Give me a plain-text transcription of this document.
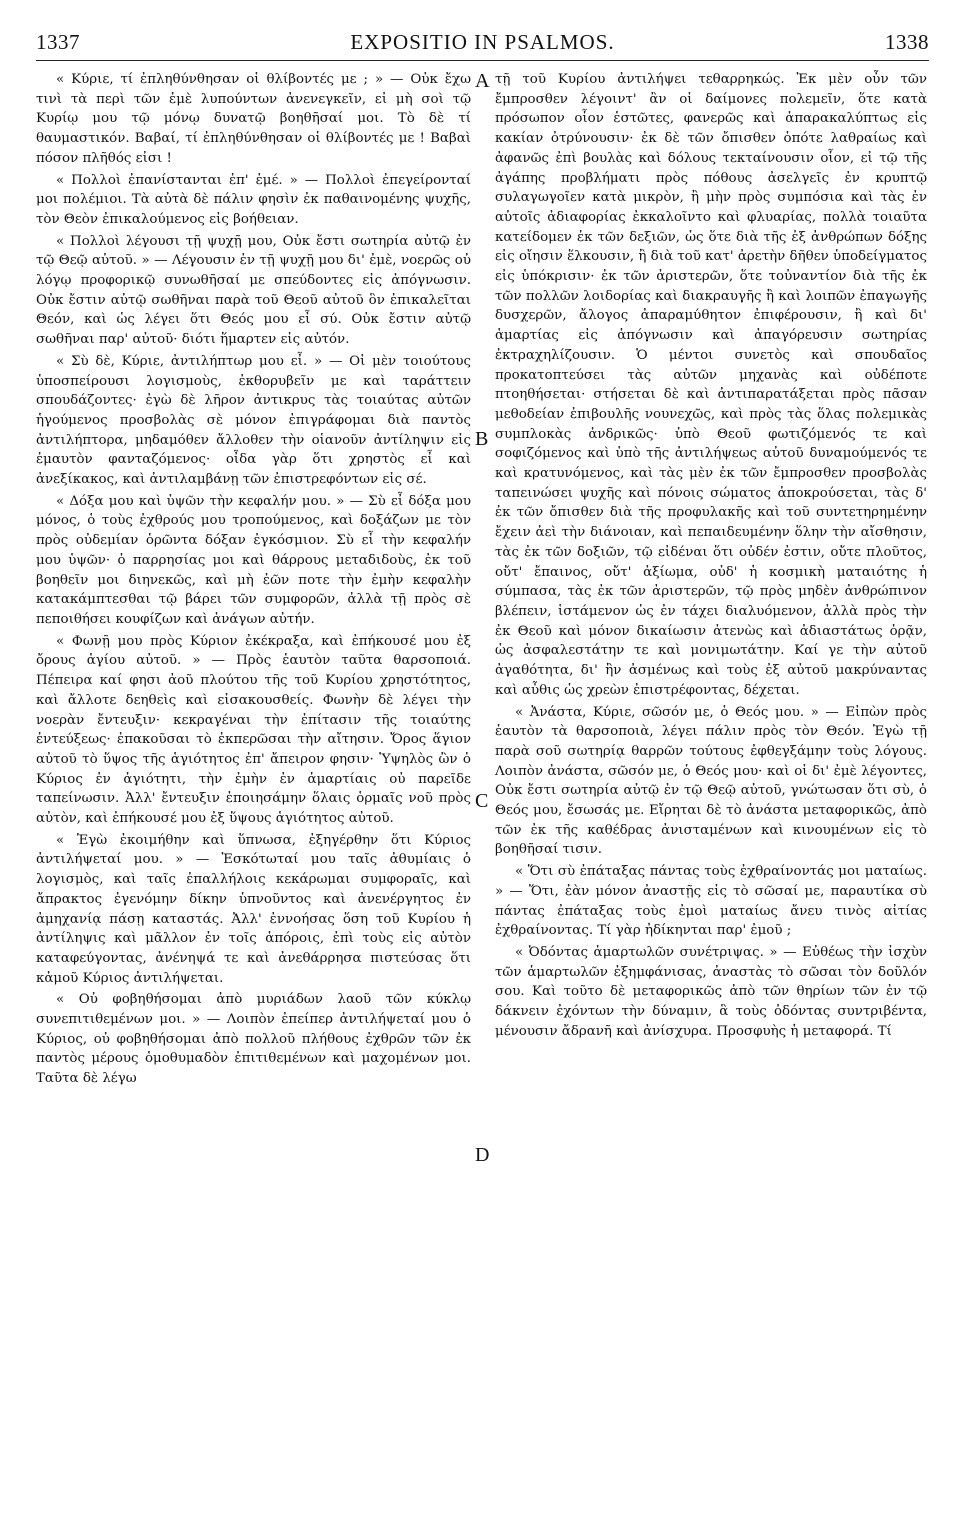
1337	EXPOSITIO IN PSALMOS.	1338

« Κύριε, τί ἐπληθύνθησαν οἱ θλίβοντές με ; » — Οὐκ ἔχω τινὶ τὰ περὶ τῶν ἐμὲ λυπούντων ἀνενεγκεῖν, εἰ μὴ σοὶ τῷ Κυρίῳ μου τῷ μόνῳ δυνατῷ βοηθῆσαί μοι. Τὸ δὲ τί θαυμαστικόν. Βαβαί, τί ἐπληθύνθησαν οἱ θλίβοντές με ! Βαβαὶ πόσον πλῆθός εἰσι !

« Πολλοὶ ἐπανίστανται ἐπ' ἐμέ. » — Πολλοὶ ἐπεγείρονταί μοι πολέμιοι. Τὰ αὐτὰ δὲ πάλιν φησὶν ἐκ παθαινομένης ψυχῆς, τὸν Θεὸν ἐπικαλούμενος εἰς βοήθειαν.

« Πολλοὶ λέγουσι τῇ ψυχῇ μου, Οὐκ ἔστι σωτηρία αὐτῷ ἐν τῷ Θεῷ αὐτοῦ. » — Λέγουσιν ἐν τῇ ψυχῇ μου δι' ἐμὲ, νοερῶς οὐ λόγῳ προφορικῷ συνωθῆσαί με σπεύδοντες εἰς ἀπόγνωσιν. Οὐκ ἔστιν αὐτῷ σωθῆναι παρὰ τοῦ Θεοῦ αὐτοῦ ὃν ἐπικαλεῖται Θεόν, καὶ ὡς λέγει ὅτι Θεός μου εἶ σύ. Οὐκ ἔστιν αὐτῷ σωθῆναι παρ' αὐτοῦ· διότι ἥμαρτεν εἰς αὐτόν.

« Σὺ δὲ, Κύριε, ἀντιλήπτωρ μου εἶ. » — Οἱ μὲν τοιούτους ὑποσπείρουσι λογισμοὺς, ἐκθορυβεῖν με καὶ ταράττειν σπουδάζοντες· ἐγὼ δὲ λῆρον ἀντικρυς τὰς τοιαύτας αὐτῶν ἡγούμενος προσβολὰς σὲ μόνον ἐπιγράφομαι διὰ παντὸς ἀντιλήπτορα, μηδαμόθεν ἄλλοθεν τὴν οἱανοῦν ἀντίληψιν εἰς ἐμαυτὸν φανταζόμενος· οἶδα γὰρ ὅτι χρηστὸς εἶ καὶ ἀνεξίκακος, καὶ ἀντιλαμβάνῃ τῶν ἐπιστρεφόντων εἰς σέ.

« Δόξα μου καὶ ὑψῶν τὴν κεφαλήν μου. » — Σὺ εἶ δόξα μου μόνος, ὁ τοὺς ἐχθρούς μου τροπούμενος, καὶ δοξάζων με τὸν πρὸς οὐδεμίαν ὁρῶντα δόξαν ἐγκόσμιον. Σὺ εἶ τὴν κεφαλήν μου ὑψῶν· ὁ παρρησίας μοι καὶ θάρρους μεταδιδοὺς, ἐκ τοῦ βοηθεῖν μοι διηνεκῶς, καὶ μὴ ἐῶν ποτε τὴν ἐμὴν κεφαλὴν κατακάμπτεσθαι τῷ βάρει τῶν συμφορῶν, ἀλλὰ τῇ πρὸς σὲ πεποιθήσει κουφίζων καὶ ἀνάγων αὐτήν.

« Φωνῇ μου πρὸς Κύριον ἐκέκραξα, καὶ ἐπήκουσέ μου ἐξ ὄρους ἁγίου αὐτοῦ. » — Πρὸς ἑαυτὸν ταῦτα θαρσοποιά. Πέπειρα καί φησι ἀοῦ πλούτου τῆς τοῦ Κυρίου χρηστότητος, καὶ ἄλλοτε δεηθεὶς καὶ εἰσακουσθείς. Φωνὴν δὲ λέγει τὴν νοερὰν ἔντευξιν· κεκραγέναι τὴν ἐπίτασιν τῆς τοιαύτης ἐντεύξεως· ἐπακοῦσαι τὸ ἐκπερῶσαι τὴν αἴτησιν. Ὄρος ἅγιον αὐτοῦ τὸ ὕψος τῆς ἁγιότητος ἐπ' ἄπειρον φησιν· Ὑψηλὸς ὢν ὁ Κύριος ἐν ἁγιότητι, τὴν ἐμὴν ἐν ἁμαρτίαις οὐ παρεῖδε ταπείνωσιν. Ἀλλ' ἔντευξιν ἐποιησάμην ὅλαις ὁρμαῖς νοῦ πρὸς αὐτὸν, καὶ ἐπήκουσέ μου ἐξ ὕψους ἁγιότητος αὐτοῦ.

« Ἐγὼ ἐκοιμήθην καὶ ὕπνωσα, ἐξηγέρθην ὅτι Κύριος ἀντιλήψεταί μου. » — Ἐσκότωταί μου ταῖς ἀθυμίαις ὁ λογισμὸς, καὶ ταῖς ἐπαλλήλοις κεκάρωμαι συμφοραῖς, καὶ ἄπρακτος ἐγενόμην δίκην ὑπνοῦντος καὶ ἀνενέργητος ἐν ἀμηχανίᾳ πάσῃ καταστάς. Ἀλλ' ἐννοήσας ὅση τοῦ Κυρίου ἡ ἀντίληψις καὶ μᾶλλον ἐν τοῖς ἀπόροις, ἐπὶ τοὺς εἰς αὐτὸν καταφεύγοντας, ἀνένηψά τε καὶ ἀνεθάρρησα πιστεύσας ὅτι κἀμοῦ Κύριος ἀντιλήψεται.

« Οὐ φοβηθήσομαι ἀπὸ μυριάδων λαοῦ τῶν κύκλῳ συνεπιτιθεμένων μοι. » — Λοιπὸν ἐπείπερ ἀντιλήψεταί μου ὁ Κύριος, οὐ φοβηθήσομαι ἀπὸ πολλοῦ πλήθους ἐχθρῶν τῶν ἐκ παντὸς μέρους ὁμοθυμαδὸν ἐπιτιθεμένων καὶ μαχομένων μοι. Ταῦτα δὲ λέγω

τῇ τοῦ Κυρίου ἀντιλήψει τεθαρρηκώς. Ἐκ μὲν οὖν τῶν ἔμπροσθεν λέγοιντ' ἂν οἱ δαίμονες πολεμεῖν, ὅτε κατὰ πρόσωπον οἷον ἑστῶτες, φανερῶς καὶ ἀπαρακαλύπτως εἰς κακίαν ὀτρύνουσιν· ἐκ δὲ τῶν ὄπισθεν ὁπότε λαθραίως καὶ ἀφανῶς ἐπὶ βουλὰς καὶ δόλους τεκταίνουσιν οἷον, εἰ τῷ τῆς ἀγάπης προβλήματι πρὸς πόθους ἀσελγεῖς ἐν κρυπτῷ συλαγωγοῖεν κατὰ μικρὸν, ἢ μὴν πρὸς συμπόσια καὶ τὰς ἐν αὐτοῖς ἀδιαφορίας ἐκκαλοῖντο καὶ φλυαρίας, πολλὰ τοιαῦτα κατείδομεν ἐκ τῶν δεξιῶν, ὡς ὅτε διὰ τῆς ἐξ ἀνθρώπων δόξης εἰς οἴησιν ἕλκουσιν, ἢ διὰ τοῦ κατ' ἀρετὴν δῆθεν ὑποδείγματος εἰς ὑπόκρισιν· ἐκ τῶν ἀριστερῶν, ὅτε τοὐναντίον διὰ τῆς ἐκ τῶν πολλῶν λοιδορίας καὶ διακραυγῆς ἢ καὶ λοιπῶν ἐπαγωγῆς δυσχερῶν, ἄλογος ἀπαραμύθητον ἐπιφέρουσιν, ἢ καὶ δι' ἁμαρτίας εἰς ἀπόγνωσιν καὶ ἀπαγόρευσιν σωτηρίας ἐκτραχηλίζουσιν. Ὁ μέντοι συνετὸς καὶ σπουδαῖος προκατοπτεύσει τὰς αὐτῶν μηχανὰς καὶ οὐδέποτε πτοηθήσεται· στήσεται δὲ καὶ ἀντιπαρατάξεται πρὸς πᾶσαν μεθοδείαν ἐπιβουλῆς νουνεχῶς, καὶ πρὸς τὰς ὅλας πολεμικὰς συμπλοκὰς ἀνδρικῶς· ὑπὸ Θεοῦ φωτιζόμενός τε καὶ σοφιζόμενος καὶ ὑπὸ τῆς ἀντιλήψεως αὐτοῦ δυναμούμενός τε καὶ κρατυνόμενος, καὶ τὰς μὲν ἐκ τῶν ἔμπροσθεν προσβολὰς ταπεινώσει ψυχῆς καὶ πόνοις σώματος ἀποκρούσεται, τὰς δ' ἐκ τῶν ὄπισθεν διὰ τῆς προφυλακῆς καὶ τοῦ συντετηρημένην ἔχειν ἀεὶ τὴν διάνοιαν, καὶ πεπαιδευμένην ὅλην τὴν αἴσθησιν, τὰς ἐκ τῶν δοξιῶν, τῷ εἰδέναι ὅτι οὐδέν ἐστιν, οὔτε πλοῦτος, οὔτ' ἔπαινος, οὔτ' ἀξίωμα, οὐδ' ἡ κοσμικὴ ματαιότης ἡ σύμπασα, τὰς ἐκ τῶν ἀριστερῶν, τῷ πρὸς μηδὲν ἀνθρώπινον βλέπειν, ἱστάμενον ὡς ἐν τάχει διαλυόμενον, ἀλλὰ πρὸς τὴν ἐκ Θεοῦ καὶ μόνον δικαίωσιν ἀτενὼς καὶ ἀδιαστάτως ὁρᾷν, ὡς ἀσφαλεστάτην τε καὶ μονιμωτάτην. Καί γε τὴν αὐτοῦ ἀγαθότητα, δι' ἣν ἀσμένως καὶ τοὺς ἐξ αὐτοῦ μακρύναντας καὶ αὖθις ὡς χρεὼν ἐπιστρέφοντας, δέχεται.

« Ἀνάστα, Κύριε, σῶσόν με, ὁ Θεός μου. » — Εἰπὼν πρὸς ἑαυτὸν τὰ θαρσοποιὰ, λέγει πάλιν πρὸς τὸν Θεόν. Ἐγὼ τῇ παρὰ σοῦ σωτηρίᾳ θαρρῶν τούτους ἐφθεγξάμην τοὺς λόγους. Λοιπὸν ἀνάστα, σῶσόν με, ὁ Θεός μου· καὶ οἱ δι' ἐμὲ λέγοντες, Οὐκ ἔστι σωτηρία αὐτῷ ἐν τῷ Θεῷ αὐτοῦ, γνώτωσαν ὅτι σὺ, ὁ Θεός μου, ἔσωσάς με. Εἴρηται δὲ τὸ ἀνάστα μεταφορικῶς, ἀπὸ τῶν ἐκ τῆς καθέδρας ἀνισταμένων καὶ κινουμένων εἰς τὸ βοηθῆσαί τισιν.

« Ὅτι σὺ ἐπάταξας πάντας τοὺς ἐχθραίνοντάς μοι ματαίως. » — Ὅτι, ἐὰν μόνον ἀναστῇς εἰς τὸ σῶσαί με, παραυτίκα σὺ πάντας ἐπάταξας τοὺς ἐμοὶ ματαίως ἄνευ τινὸς αἰτίας ἐχθραίνοντας. Τί γὰρ ἠδίκηνται παρ' ἐμοῦ ;

« Ὀδόντας ἁμαρτωλῶν συνέτριψας. » — Εὐθέως τὴν ἰσχὺν τῶν ἁμαρτωλῶν ἐξημφάνισας, ἀναστὰς τὸ σῶσαι τὸν δοῦλόν σου. Καὶ τοῦτο δὲ μεταφορικῶς ἀπὸ τῶν θηρίων τῶν ἐν τῷ δάκνειν ἐχόντων τὴν δύναμιν, ἃ τοὺς ὀδόντας συντριβέντα, μένουσιν ἄδρανῆ καὶ ἀνίσχυρα. Προσφυὴς ἡ μεταφορά. Τί

A
B
C
D
